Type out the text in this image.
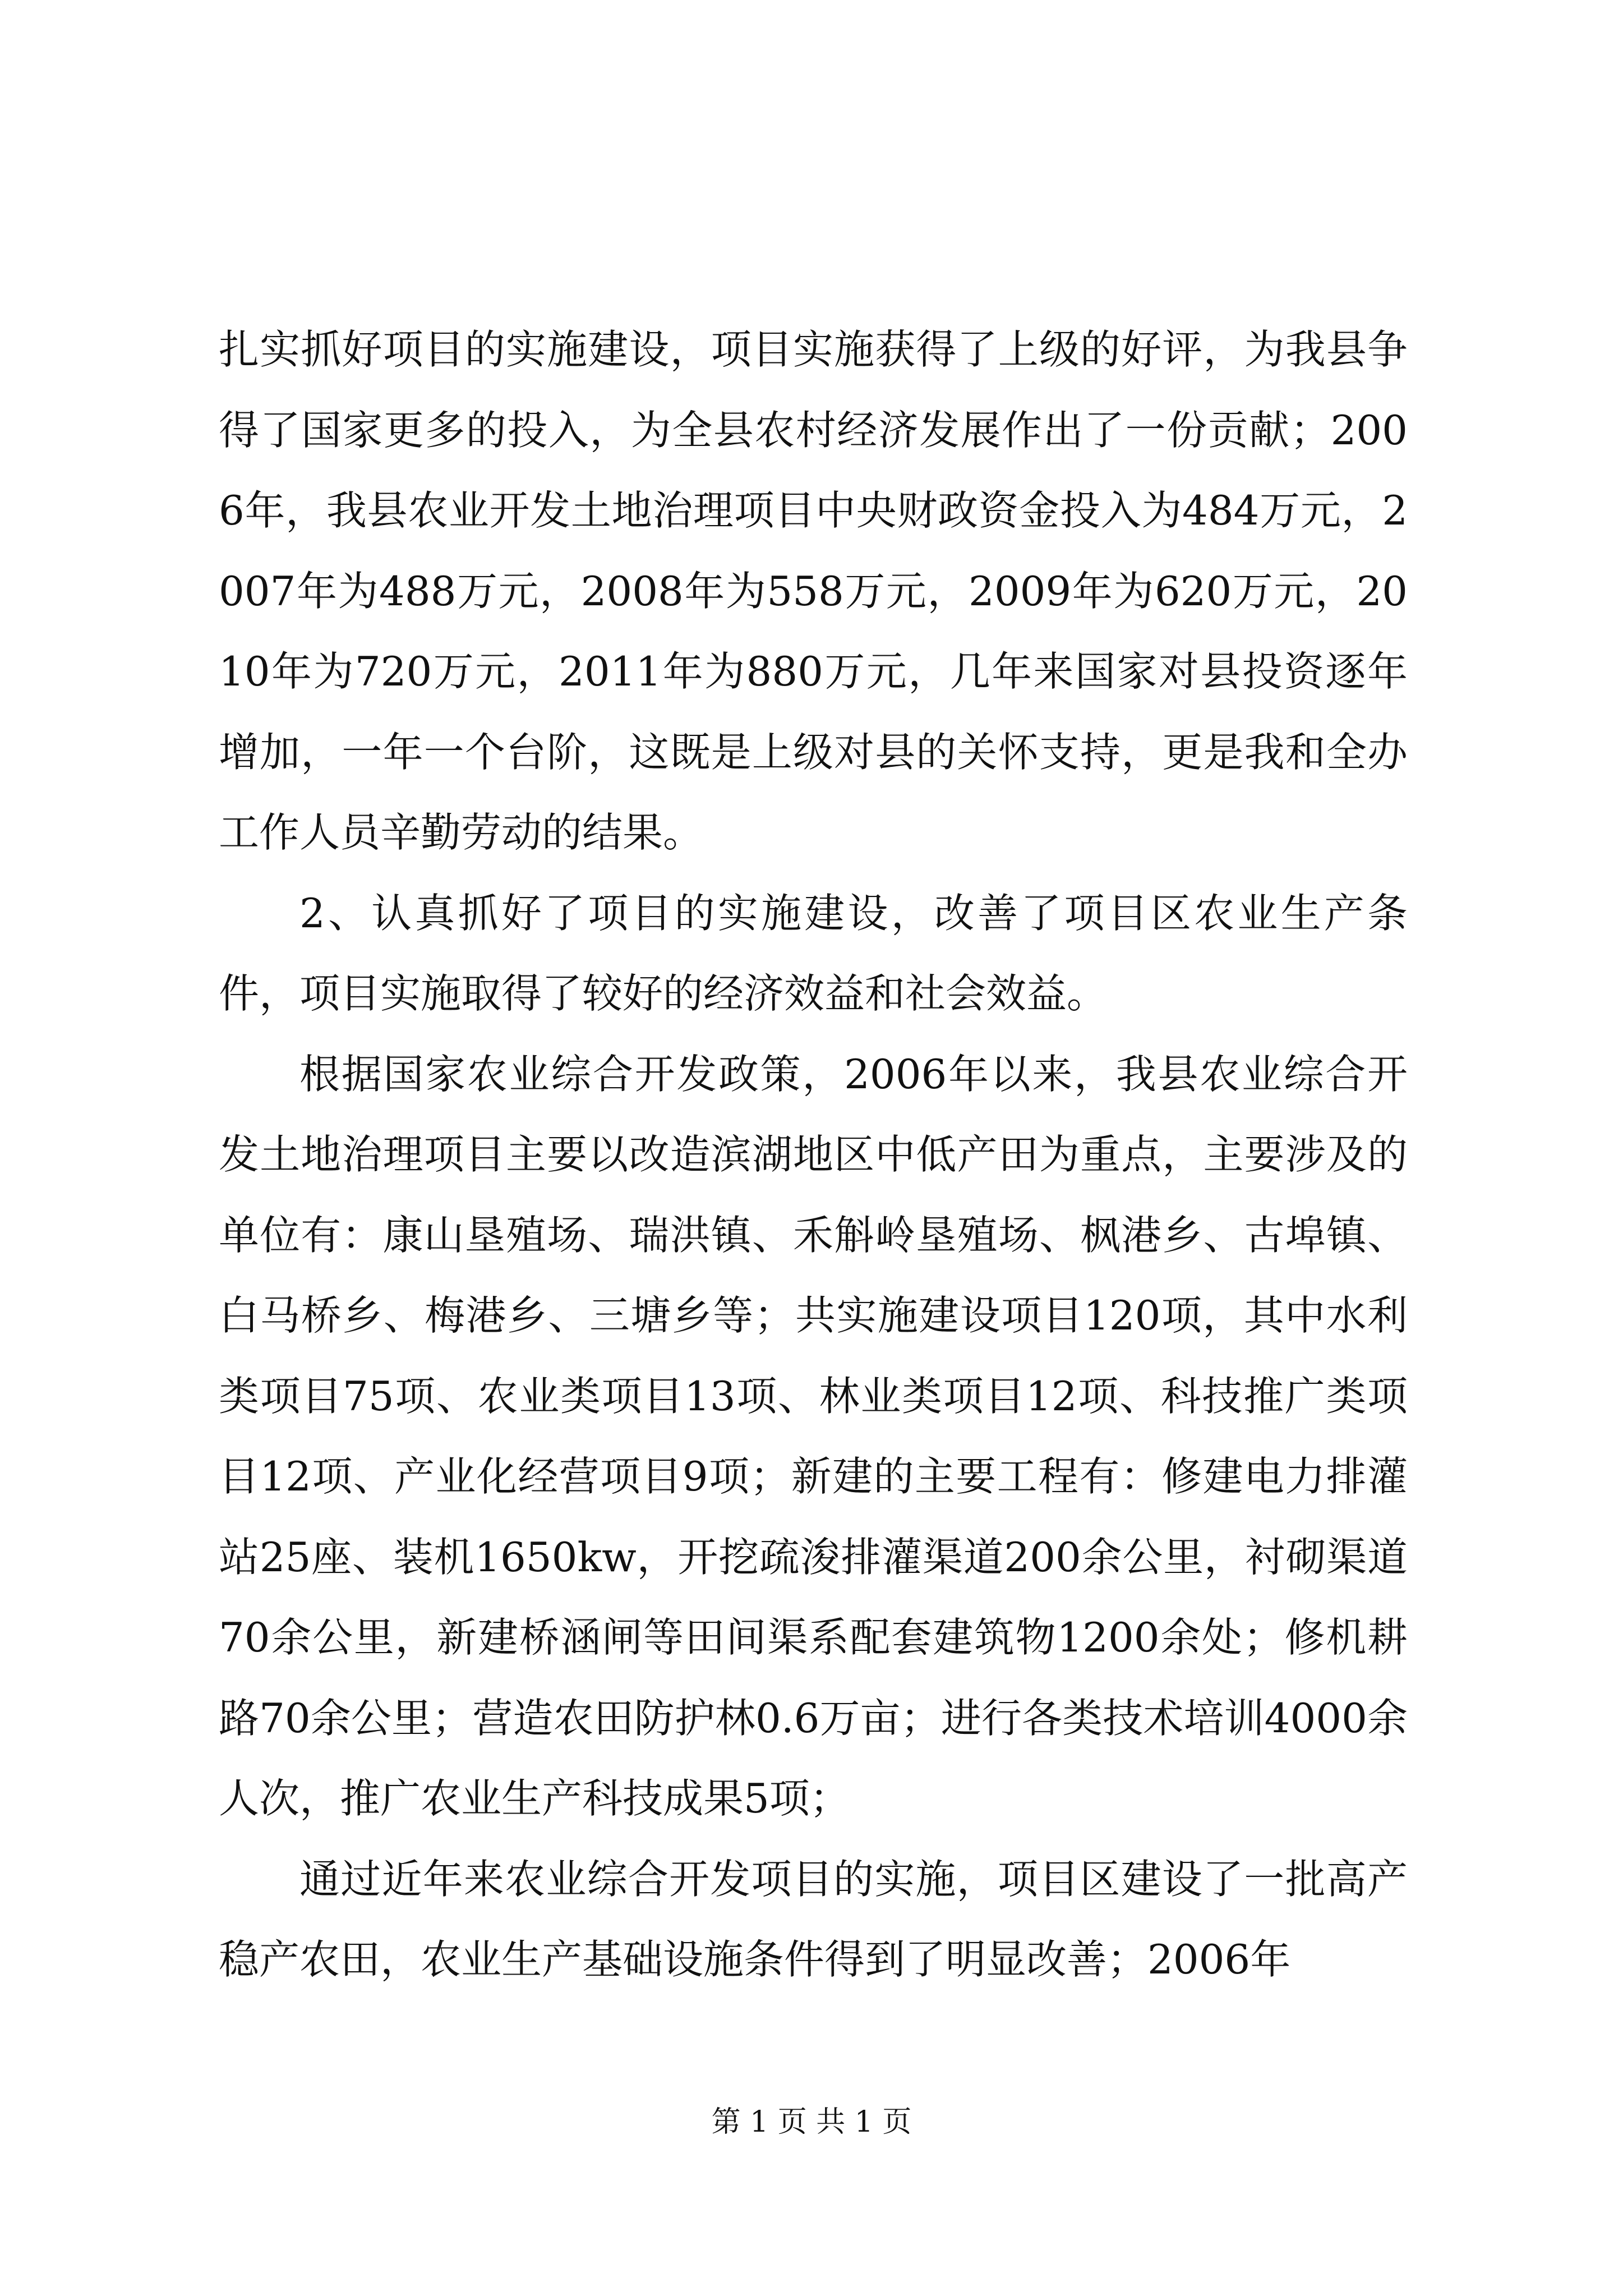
扎实抓好项目的实施建设，项目实施获得了上级的好评，为我县争得了国家更多的投入，为全县农村经济发展作出了一份贡献；2006年，我县农业开发土地治理项目中央财政资金投入为484万元，2007年为488万元，2008年为558万元，2009年为620万元，2010年为720万元，2011年为880万元，几年来国家对县投资逐年增加，一年一个台阶，这既是上级对县的关怀支持，更是我和全办工作人员辛勤劳动的结果。

2、认真抓好了项目的实施建设，改善了项目区农业生产条件，项目实施取得了较好的经济效益和社会效益。

根据国家农业综合开发政策，2006年以来，我县农业综合开发土地治理项目主要以改造滨湖地区中低产田为重点，主要涉及的单位有：康山垦殖场、瑞洪镇、禾斛岭垦殖场、枫港乡、古埠镇、白马桥乡、梅港乡、三塘乡等；共实施建设项目120项，其中水利类项目75项、农业类项目13项、林业类项目12项、科技推广类项目12项、产业化经营项目9项；新建的主要工程有：修建电力排灌站25座、装机1650kw，开挖疏浚排灌渠道200余公里，衬砌渠道70余公里，新建桥涵闸等田间渠系配套建筑物1200余处；修机耕路70余公里；营造农田防护林0.6万亩；进行各类技术培训4000余人次，推广农业生产科技成果5项；

通过近年来农业综合开发项目的实施，项目区建设了一批高产稳产农田，农业生产基础设施条件得到了明显改善；2006年

第 1 页 共 1 页
